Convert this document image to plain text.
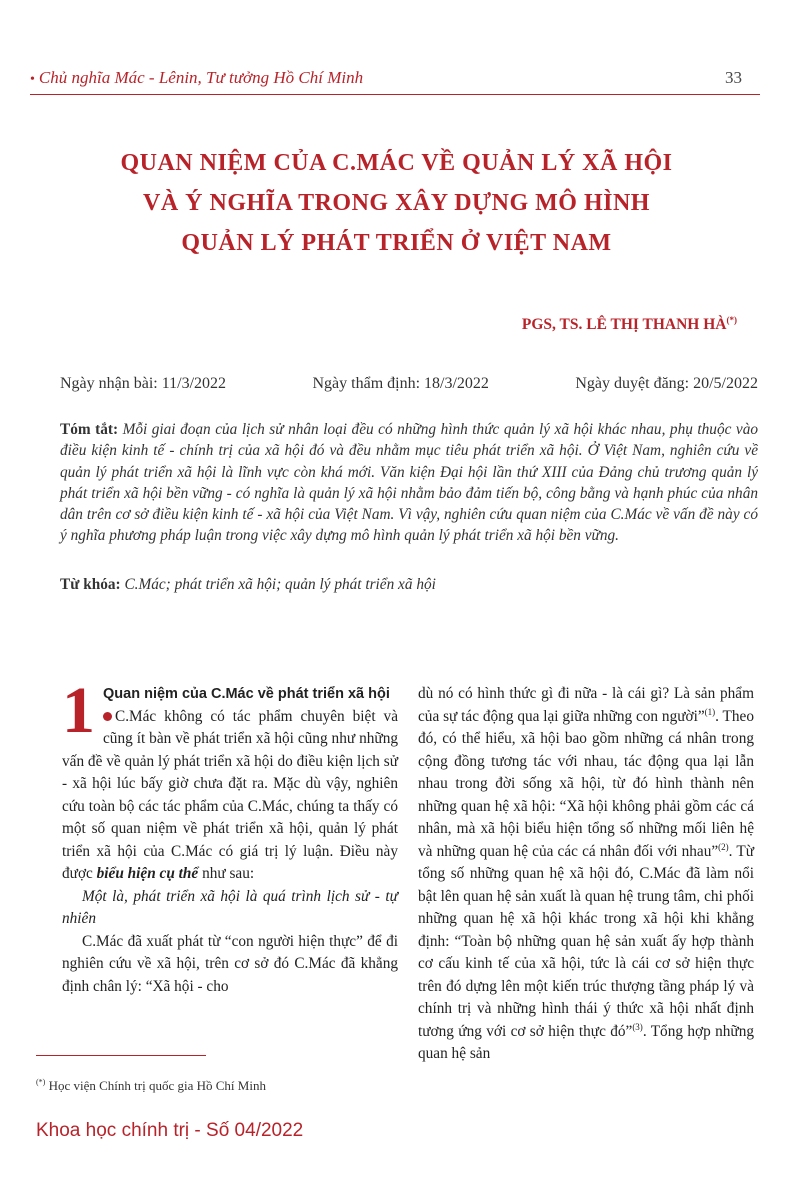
• Chủ nghĩa Mác - Lênin, Tư tưởng Hồ Chí Minh	33
QUAN NIỆM CỦA C.MÁC VỀ QUẢN LÝ XÃ HỘI
VÀ Ý NGHĨA TRONG XÂY DỰNG MÔ HÌNH
QUẢN LÝ PHÁT TRIỂN Ở VIỆT NAM
PGS, TS. LÊ THỊ THANH HÀ(*)
Ngày nhận bài: 11/3/2022	Ngày thẩm định: 18/3/2022	Ngày duyệt đăng: 20/5/2022
Tóm tắt: Mỗi giai đoạn của lịch sử nhân loại đều có những hình thức quản lý xã hội khác nhau, phụ thuộc vào điều kiện kinh tế - chính trị của xã hội đó và đều nhằm mục tiêu phát triển xã hội. Ở Việt Nam, nghiên cứu về quản lý phát triển xã hội là lĩnh vực còn khá mới. Văn kiện Đại hội lần thứ XIII của Đảng chủ trương quản lý phát triển xã hội bền vững - có nghĩa là quản lý xã hội nhằm bảo đảm tiến bộ, công bằng và hạnh phúc của nhân dân trên cơ sở điều kiện kinh tế - xã hội của Việt Nam. Vì vậy, nghiên cứu quan niệm của C.Mác về vấn đề này có ý nghĩa phương pháp luận trong việc xây dựng mô hình quản lý phát triển xã hội bền vững.
Từ khóa: C.Mác; phát triển xã hội; quản lý phát triển xã hội
1 Quan niệm của C.Mác về phát triển xã hội

C.Mác không có tác phẩm chuyên biệt và cũng ít bàn về phát triển xã hội cũng như những vấn đề về quản lý phát triển xã hội do điều kiện lịch sử - xã hội lúc bấy giờ chưa đặt ra. Mặc dù vậy, nghiên cứu toàn bộ các tác phẩm của C.Mác, chúng ta thấy có một số quan niệm về phát triển xã hội, quản lý phát triển xã hội của C.Mác có giá trị lý luận. Điều này được biểu hiện cụ thể như sau:

Một là, phát triển xã hội là quá trình lịch sử - tự nhiên

C.Mác đã xuất phát từ “con người hiện thực” để đi nghiên cứu về xã hội, trên cơ sở đó C.Mác đã khẳng định chân lý: “Xã hội - cho

dù nó có hình thức gì đi nữa - là cái gì? Là sản phẩm của sự tác động qua lại giữa những con người”$^{(1)}$. Theo đó, có thể hiểu, xã hội bao gồm những cá nhân trong cộng đồng tương tác với nhau, tác động qua lại lẫn nhau trong đời sống xã hội, từ đó hình thành nên những quan hệ xã hội: “Xã hội không phải gồm các cá nhân, mà xã hội biểu hiện tổng số những mối liên hệ và những quan hệ của các cá nhân đối với nhau”$^{(2)}$. Từ tổng số những quan hệ xã hội đó, C.Mác đã làm nổi bật lên quan hệ sản xuất là quan hệ trung tâm, chi phối những quan hệ xã hội khác trong xã hội khi khẳng định: “Toàn bộ những quan hệ sản xuất ấy hợp thành cơ cấu kinh tế của xã hội, tức là cái cơ sở hiện thực trên đó dựng lên một kiến trúc thượng tầng pháp lý và chính trị và những hình thái ý thức xã hội nhất định tương ứng với cơ sở hiện thực đó”$^{(3)}$. Tổng hợp những quan hệ sản

(*) Học viện Chính trị quốc gia Hồ Chí Minh
Khoa học chính trị - Số 04/2022
